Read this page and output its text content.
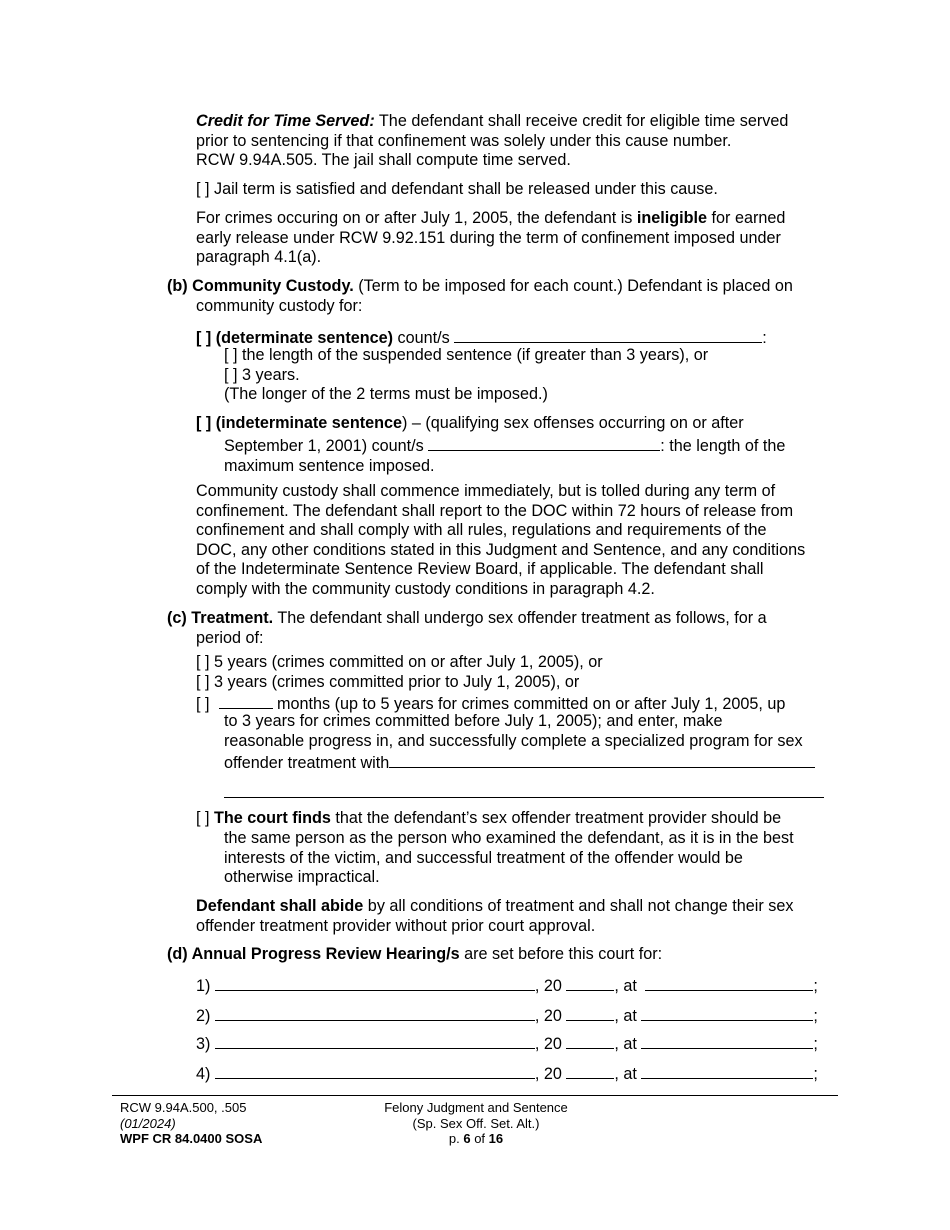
Credit for Time Served: The defendant shall receive credit for eligible time served
prior to sentencing if that confinement was solely under this cause number.
RCW 9.94A.505. The jail shall compute time served.
[ ] Jail term is satisfied and defendant shall be released under this cause.
For crimes occuring on or after July 1, 2005, the defendant is ineligible for earned
early release under RCW 9.92.151 during the term of confinement imposed under
paragraph 4.1(a).
(b) Community Custody. (Term to be imposed for each count.) Defendant is placed on
community custody for:
[ ] (determinate sentence) count/s	:
[ ] the length of the suspended sentence (if greater than 3 years), or
[ ] 3 years.
(The longer of the 2 terms must be imposed.)
[ ] (indeterminate sentence) – (qualifying sex offenses occurring on or after
September 1, 2001) count/s	: the length of the
maximum sentence imposed.
Community custody shall commence immediately, but is tolled during any term of
confinement. The defendant shall report to the DOC within 72 hours of release from
confinement and shall comply with all rules, regulations and requirements of the
DOC, any other conditions stated in this Judgment and Sentence, and any conditions
of the Indeterminate Sentence Review Board, if applicable. The defendant shall
comply with the community custody conditions in paragraph 4.2.
(c) Treatment. The defendant shall undergo sex offender treatment as follows, for a
period of:
[ ] 5 years (crimes committed on or after July 1, 2005), or
[ ] 3 years (crimes committed prior to July 1, 2005), or
[ ]	months (up to 5 years for crimes committed on or after July 1, 2005, up
to 3 years for crimes committed before July 1, 2005); and enter, make
reasonable progress in, and successfully complete a specialized program for sex
offender treatment with
[ ] The court finds that the defendant’s sex offender treatment provider should be
the same person as the person who examined the defendant, as it is in the best
interests of the victim, and successful treatment of the offender would be
otherwise impractical.
Defendant shall abide by all conditions of treatment and shall not change their sex
offender treatment provider without prior court approval.
(d) Annual Progress Review Hearing/s are set before this court for:
1)	, 20	, at	;
2)	, 20	, at	;
3)	, 20	, at	;
4)	, 20	, at	;
RCW 9.94A.500, .505
(01/2024)
WPF CR 84.0400 SOSA
Felony Judgment and Sentence
(Sp. Sex Off. Set. Alt.)
p. 6 of 16
